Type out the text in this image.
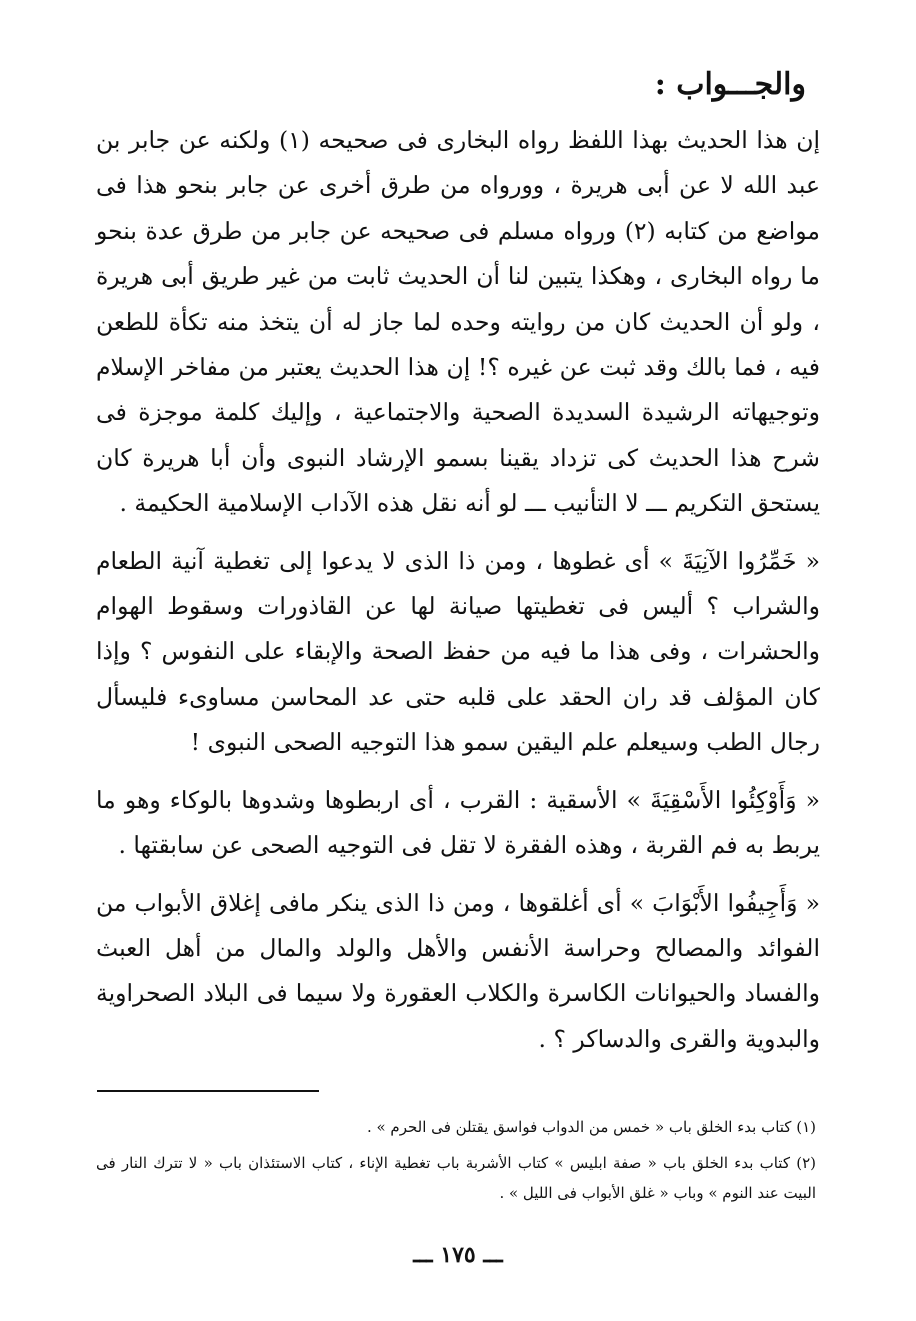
والجـــواب :

إن هذا الحديث بهذا اللفظ رواه البخارى فى صحيحه (١) ولكنه عن جابر بن عبد الله لا عن أبى هريرة ، وورواه من طرق أخرى عن جابر بنحو هذا فى مواضع من كتابه (٢) ورواه مسلم فى صحيحه عن جابر من طرق عدة بنحو ما رواه البخارى ، وهكذا يتبين لنا أن الحديث ثابت من غير طريق أبى هريرة ، ولو أن الحديث كان من روايته وحده لما جاز له أن يتخذ منه تكأة للطعن فيه ، فما بالك وقد ثبت عن غيره ؟! إن هذا الحديث يعتبر من مفاخر الإسلام وتوجيهاته الرشيدة السديدة الصحية والاجتماعية ، وإليك كلمة موجزة فى شرح هذا الحديث كى تزداد يقينا بسمو الإرشاد النبوى وأن أبا هريرة كان يستحق التكريم ـــ لا التأنيب ـــ لو أنه نقل هذه الآداب الإسلامية الحكيمة .

« خَمِّرُوا الآنِيَةَ » أى غطوها ، ومن ذا الذى لا يدعوا إلى تغطية آنية الطعام والشراب ؟ أليس فى تغطيتها صيانة لها عن القاذورات وسقوط الهوام والحشرات ، وفى هذا ما فيه من حفظ الصحة والإبقاء على النفوس ؟ وإذا كان المؤلف قد ران الحقد على قلبه حتى عد المحاسن مساوىء فليسأل رجال الطب وسيعلم علم اليقين سمو هذا التوجيه الصحى النبوى !

« وَأَوْكِئُوا الأَسْقِيَةَ » الأسقية : القرب ، أى اربطوها وشدوها بالوكاء وهو ما يربط به فم القربة ، وهذه الفقرة لا تقل فى التوجيه الصحى عن سابقتها .

« وَأَجِيفُوا الأَبْوَابَ » أى أغلقوها ، ومن ذا الذى ينكر مافى إغلاق الأبواب من الفوائد والمصالح وحراسة الأنفس والأهل والولد والمال من أهل العبث والفساد والحيوانات الكاسرة والكلاب العقورة ولا سيما فى البلاد الصحراوية والبدوية والقرى والدساكر ؟ .

(١) كتاب بدء الخلق باب « خمس من الدواب فواسق يقتلن فى الحرم » .

(٢) كتاب بدء الخلق باب « صفة ابليس » كتاب الأشربة باب تغطية الإناء ، كتاب الاستئذان باب « لا تترك النار فى البيت عند النوم » وباب « غلق الأبواب فى الليل » .

ـــ ١٧٥ ـــ
